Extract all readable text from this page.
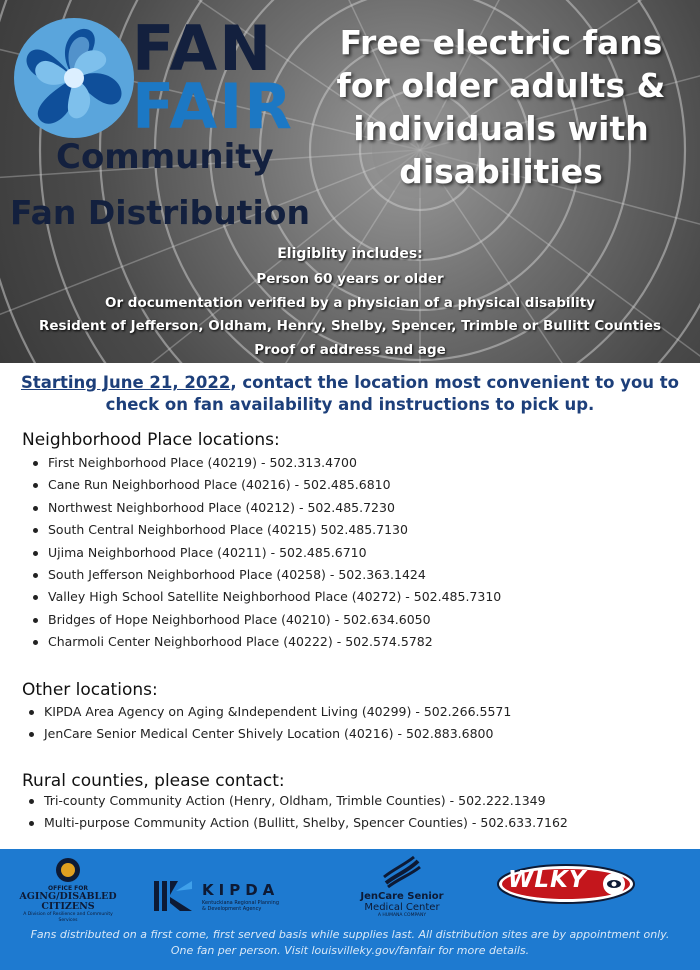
FAN
FAIR
Community
Fan Distribution
Free electric fans for older adults & individuals with disabilities
Eligiblity includes:
Person 60 years or older
Or documentation verified by a physician of a physical disability
Resident of Jefferson, Oldham, Henry, Shelby, Spencer, Trimble or Bullitt Counties
Proof of address and age
Starting June 21, 2022, contact the location most convenient to you to check on fan availability and instructions to pick up.
Neighborhood Place locations:
First Neighborhood Place (40219) - 502.313.4700
Cane Run Neighborhood Place (40216) - 502.485.6810
Northwest Neighborhood Place (40212) - 502.485.7230
South Central Neighborhood Place (40215) 502.485.7130
Ujima Neighborhood Place (40211) - 502.485.6710
South Jefferson Neighborhood Place (40258) - 502.363.1424
Valley High School Satellite Neighborhood Place (40272) - 502.485.7310
Bridges of Hope Neighborhood Place (40210) - 502.634.6050
Charmoli Center Neighborhood Place (40222) - 502.574.5782
Other locations:
KIPDA Area Agency on Aging &Independent Living (40299) - 502.266.5571
JenCare Senior Medical Center Shively Location (40216) - 502.883.6800
Rural counties, please contact:
Tri-county Community Action (Henry, Oldham, Trimble Counties) - 502.222.1349
Multi-purpose Community Action (Bullitt, Shelby, Spencer Counties) - 502.633.7162
OFFICE FOR
AGING/DISABLED
CITIZENS
A Division of Resilience and Community Services
KIPDA
Kentuckiana Regional Planning
& Development Agency
JenCare Senior
Medical Center
A HUMANA COMPANY
WLKY
Fans distributed on a first come, first served basis while supplies last. All distribution sites are by appointment only.
One fan per person. Visit louisvilleky.gov/fanfair for more details.
